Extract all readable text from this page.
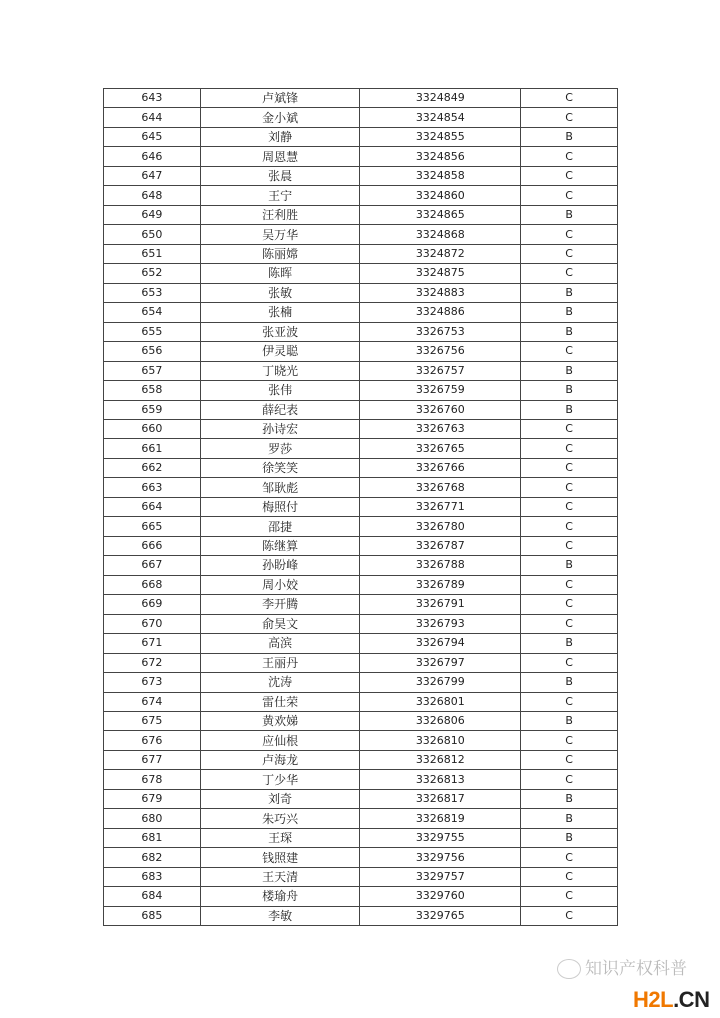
643	卢斌锋	3324849	C
644	金小斌	3324854	C
645	刘静	3324855	B
646	周恩慧	3324856	C
647	张晨	3324858	C
648	王宁	3324860	C
649	汪利胜	3324865	B
650	吴万华	3324868	C
651	陈丽嫦	3324872	C
652	陈晖	3324875	C
653	张敏	3324883	B
654	张楠	3324886	B
655	张亚波	3326753	B
656	伊灵聪	3326756	C
657	丁晓光	3326757	B
658	张伟	3326759	B
659	薛纪表	3326760	B
660	孙诗宏	3326763	C
661	罗莎	3326765	C
662	徐笑笑	3326766	C
663	邹耿彪	3326768	C
664	梅照付	3326771	C
665	邵捷	3326780	C
666	陈继算	3326787	C
667	孙盼峰	3326788	B
668	周小姣	3326789	C
669	李开腾	3326791	C
670	俞昊文	3326793	C
671	高滨	3326794	B
672	王丽丹	3326797	C
673	沈涛	3326799	B
674	雷仕荣	3326801	C
675	黄欢娣	3326806	B
676	应仙根	3326810	C
677	卢海龙	3326812	C
678	丁少华	3326813	C
679	刘奇	3326817	B
680	朱巧兴	3326819	B
681	王琛	3329755	B
682	钱照建	3329756	C
683	王天清	3329757	C
684	楼瑜舟	3329760	C
685	李敏	3329765	C
知识产权科普
H2L.CN
